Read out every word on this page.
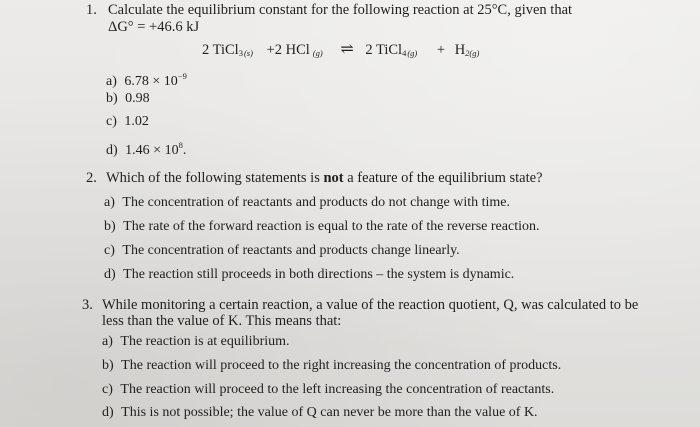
1. Calculate the equilibrium constant for the following reaction at 25°C, given that
ΔG° = +46.6 kJ
2 TiCl$_{3(s)}$ +2 HCl $_{(g)}$ ⇌ 2 TiCl$_{4(g)}$ + $H_{2(g)}$
a) $6.78 \times 10^{-9}$
b) 0.98
c) 1.02
d) $1.46 \times 10^8$.
2. Which of the following statements is not a feature of the equilibrium state?
a) The concentration of reactants and products do not change with time.
b) The rate of the forward reaction is equal to the rate of the reverse reaction.
c) The concentration of reactants and products change linearly.
d) The reaction still proceeds in both directions – the system is dynamic.
3. While monitoring a certain reaction, a value of the reaction quotient, Q, was calculated to be
less than the value of K. This means that:
a) The reaction is at equilibrium.
b) The reaction will proceed to the right increasing the concentration of products.
c) The reaction will proceed to the left increasing the concentration of reactants.
d) This is not possible; the value of Q can never be more than the value of K.
